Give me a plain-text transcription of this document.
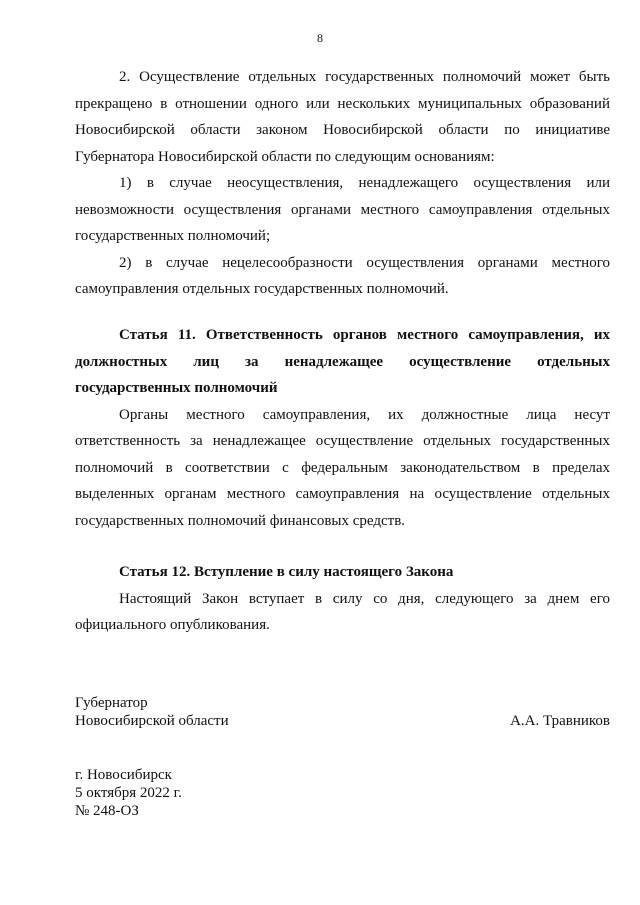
8

2. Осуществление отдельных государственных полномочий может быть прекращено в отношении одного или нескольких муниципальных образований Новосибирской области законом Новосибирской области по инициативе Губернатора Новосибирской области по следующим основаниям:

1) в случае неосуществления, ненадлежащего осуществления или невозможности осуществления органами местного самоуправления отдельных государственных полномочий;

2) в случае нецелесообразности осуществления органами местного самоуправления отдельных государственных полномочий.

Статья 11. Ответственность органов местного самоуправления, их должностных лиц за ненадлежащее осуществление отдельных государственных полномочий

Органы местного самоуправления, их должностные лица несут ответственность за ненадлежащее осуществление отдельных государственных полномочий в соответствии с федеральным законодательством в пределах выделенных органам местного самоуправления на осуществление отдельных государственных полномочий финансовых средств.

Статья 12. Вступление в силу настоящего Закона

Настоящий Закон вступает в силу со дня, следующего за днем его официального опубликования.

Губернатор
Новосибирской области	А.А. Травников
г. Новосибирск
5 октября 2022 г.
№ 248-ОЗ
